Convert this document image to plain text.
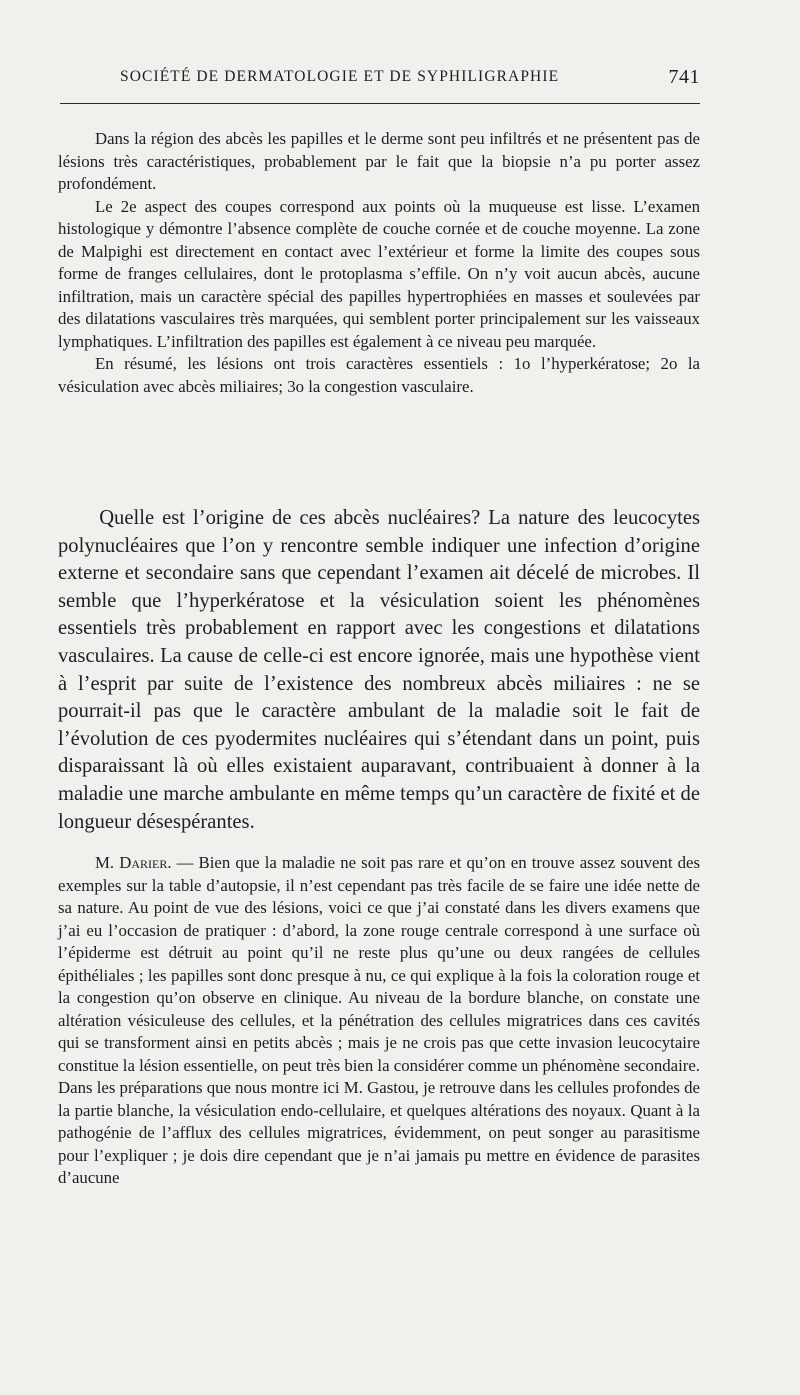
SOCIÉTÉ DE DERMATOLOGIE ET DE SYPHILIGRAPHIE	741

Dans la région des abcès les papilles et le derme sont peu infiltrés et ne présentent pas de lésions très caractéristiques, probablement par le fait que la biopsie n’a pu porter assez profondément.

Le 2e aspect des coupes correspond aux points où la muqueuse est lisse. L’examen histologique y démontre l’absence complète de couche cornée et de couche moyenne. La zone de Malpighi est directement en contact avec l’extérieur et forme la limite des coupes sous forme de franges cellulaires, dont le protoplasma s’effile. On n’y voit aucun abcès, aucune infiltration, mais un caractère spécial des papilles hypertrophiées en masses et soulevées par des dilatations vasculaires très marquées, qui semblent porter principalement sur les vaisseaux lymphatiques. L’infiltration des papilles est également à ce niveau peu marquée.

En résumé, les lésions ont trois caractères essentiels : 1o l’hyperkératose; 2o la vésiculation avec abcès miliaires; 3o la congestion vasculaire.

Quelle est l’origine de ces abcès nucléaires? La nature des leucocytes polynucléaires que l’on y rencontre semble indiquer une infection d’origine externe et secondaire sans que cependant l’examen ait décelé de microbes. Il semble que l’hyperkératose et la vésiculation soient les phénomènes essentiels très probablement en rapport avec les congestions et dilatations vasculaires. La cause de celle-ci est encore ignorée, mais une hypothèse vient à l’esprit par suite de l’existence des nombreux abcès miliaires : ne se pourrait-il pas que le caractère ambulant de la maladie soit le fait de l’évolution de ces pyodermites nucléaires qui s’étendant dans un point, puis disparaissant là où elles existaient auparavant, contribuaient à donner à la maladie une marche ambulante en même temps qu’un caractère de fixité et de longueur désespérantes.

M. Darier. — Bien que la maladie ne soit pas rare et qu’on en trouve assez souvent des exemples sur la table d’autopsie, il n’est cependant pas très facile de se faire une idée nette de sa nature. Au point de vue des lésions, voici ce que j’ai constaté dans les divers examens que j’ai eu l’occasion de pratiquer : d’abord, la zone rouge centrale correspond à une surface où l’épiderme est détruit au point qu’il ne reste plus qu’une ou deux rangées de cellules épithéliales ; les papilles sont donc presque à nu, ce qui explique à la fois la coloration rouge et la congestion qu’on observe en clinique. Au niveau de la bordure blanche, on constate une altération vésiculeuse des cellules, et la pénétration des cellules migratrices dans ces cavités qui se transforment ainsi en petits abcès ; mais je ne crois pas que cette invasion leucocytaire constitue la lésion essentielle, on peut très bien la considérer comme un phénomène secondaire. Dans les préparations que nous montre ici M. Gastou, je retrouve dans les cellules profondes de la partie blanche, la vésiculation endo-cellulaire, et quelques altérations des noyaux. Quant à la pathogénie de l’afflux des cellules migratrices, évidemment, on peut songer au parasitisme pour l’expliquer ; je dois dire cependant que je n’ai jamais pu mettre en évidence de parasites d’aucune
